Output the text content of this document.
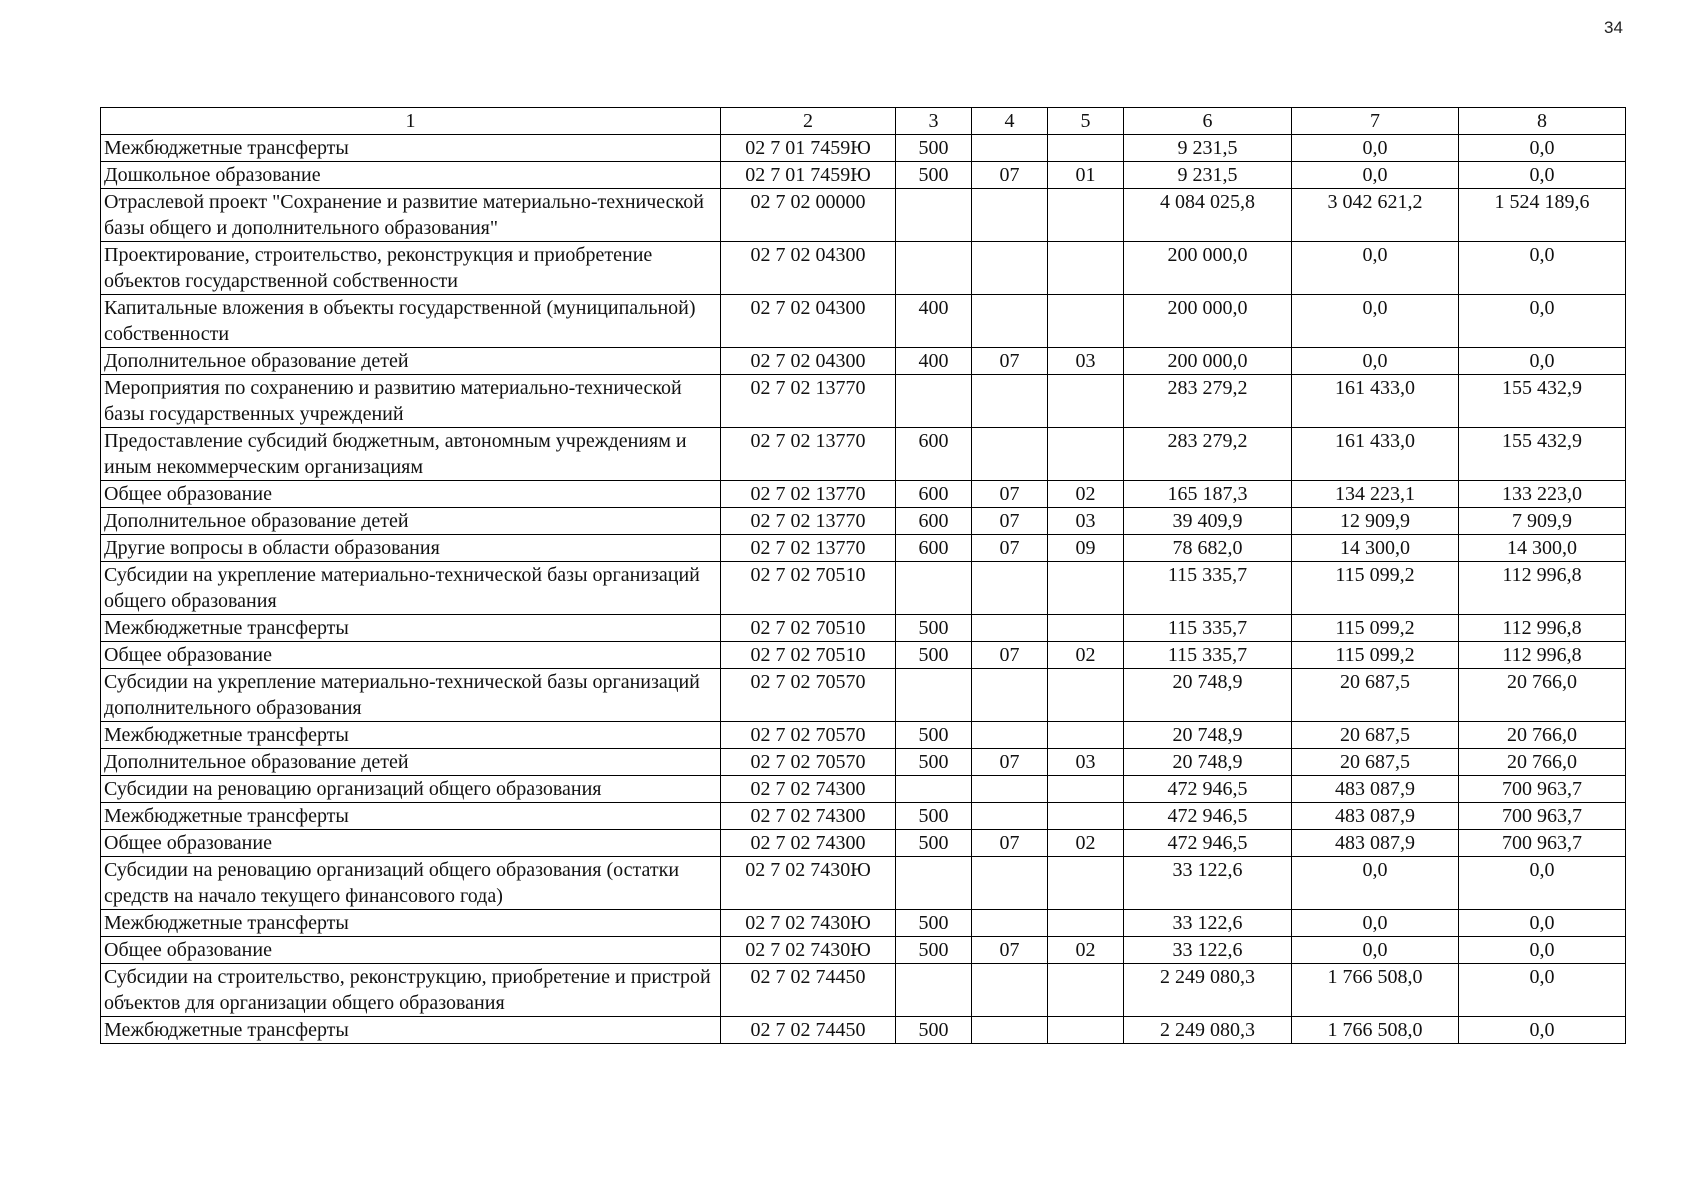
34
1	2	3	4	5	6	7	8
Межбюджетные трансферты	02 7 01 7459Ю	500			9 231,5	0,0	0,0
Дошкольное образование	02 7 01 7459Ю	500	07	01	9 231,5	0,0	0,0
Отраслевой проект "Сохранение и развитие материально-технической базы общего и дополнительного образования"	02 7 02 00000				4 084 025,8	3 042 621,2	1 524 189,6
Проектирование, строительство, реконструкция и приобретение объектов государственной собственности	02 7 02 04300				200 000,0	0,0	0,0
Капитальные вложения в объекты государственной (муниципальной) собственности	02 7 02 04300	400			200 000,0	0,0	0,0
Дополнительное образование детей	02 7 02 04300	400	07	03	200 000,0	0,0	0,0
Мероприятия по сохранению и развитию материально-технической базы государственных учреждений	02 7 02 13770				283 279,2	161 433,0	155 432,9
Предоставление субсидий бюджетным, автономным учреждениям и иным некоммерческим организациям	02 7 02 13770	600			283 279,2	161 433,0	155 432,9
Общее образование	02 7 02 13770	600	07	02	165 187,3	134 223,1	133 223,0
Дополнительное образование детей	02 7 02 13770	600	07	03	39 409,9	12 909,9	7 909,9
Другие вопросы в области образования	02 7 02 13770	600	07	09	78 682,0	14 300,0	14 300,0
Субсидии на укрепление материально-технической базы организаций общего образования	02 7 02 70510				115 335,7	115 099,2	112 996,8
Межбюджетные трансферты	02 7 02 70510	500			115 335,7	115 099,2	112 996,8
Общее образование	02 7 02 70510	500	07	02	115 335,7	115 099,2	112 996,8
Субсидии на укрепление материально-технической базы организаций дополнительного образования	02 7 02 70570				20 748,9	20 687,5	20 766,0
Межбюджетные трансферты	02 7 02 70570	500			20 748,9	20 687,5	20 766,0
Дополнительное образование детей	02 7 02 70570	500	07	03	20 748,9	20 687,5	20 766,0
Субсидии на реновацию организаций общего образования	02 7 02 74300				472 946,5	483 087,9	700 963,7
Межбюджетные трансферты	02 7 02 74300	500			472 946,5	483 087,9	700 963,7
Общее образование	02 7 02 74300	500	07	02	472 946,5	483 087,9	700 963,7
Субсидии на реновацию организаций общего образования (остатки средств на начало текущего финансового года)	02 7 02 7430Ю				33 122,6	0,0	0,0
Межбюджетные трансферты	02 7 02 7430Ю	500			33 122,6	0,0	0,0
Общее образование	02 7 02 7430Ю	500	07	02	33 122,6	0,0	0,0
Субсидии на строительство, реконструкцию, приобретение и пристрой объектов для организации общего образования	02 7 02 74450				2 249 080,3	1 766 508,0	0,0
Межбюджетные трансферты	02 7 02 74450	500			2 249 080,3	1 766 508,0	0,0
